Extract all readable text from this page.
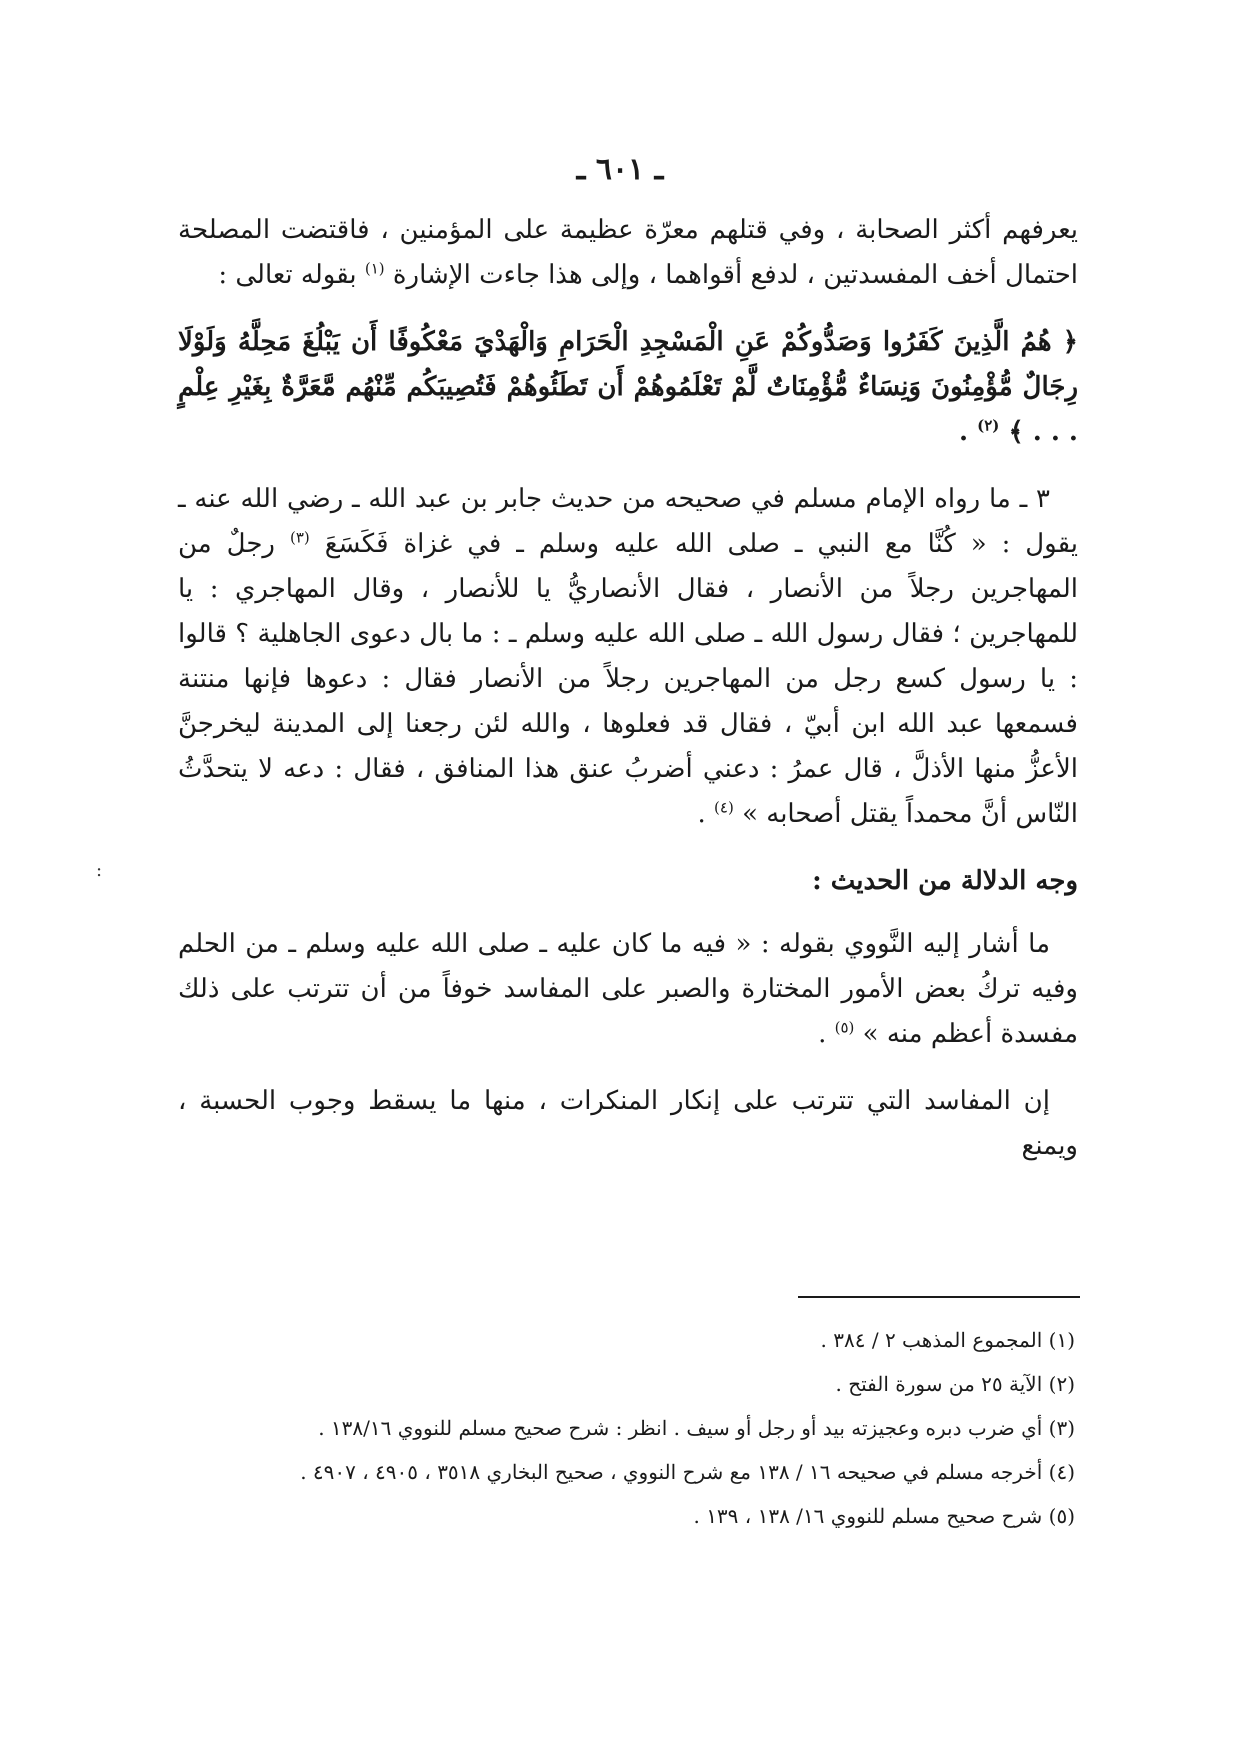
ـ ٦٠١ ـ

يعرفهم أكثر الصحابة ، وفي قتلهم معرّة عظيمة على المؤمنين ، فاقتضت المصلحة احتمال أخف المفسدتين ، لدفع أقواهما ، وإلى هذا جاءت الإشارة $^{(١)}$ بقوله تعالى :

﴿ هُمُ الَّذِينَ كَفَرُوا وَصَدُّوكُمْ عَنِ الْمَسْجِدِ الْحَرَامِ وَالْهَدْيَ مَعْكُوفًا أَن يَبْلُغَ مَحِلَّهُ وَلَوْلَا رِجَالٌ مُّؤْمِنُونَ وَنِسَاءٌ مُّؤْمِنَاتٌ لَّمْ تَعْلَمُوهُمْ أَن تَطَئُوهُمْ فَتُصِيبَكُم مِّنْهُم مَّعَرَّةٌ بِغَيْرِ عِلْمٍ . . . ﴾ $^{(٢)}$ .

٣ ـ ما رواه الإمام مسلم في صحيحه من حديث جابر بن عبد الله ـ رضي الله عنه ـ يقول : « كُنَّا مع النبي ـ صلى الله عليه وسلم ـ في غزاة فَكَسَعَ $^{(٣)}$ رجلٌ من المهاجرين رجلاً من الأنصار ، فقال الأنصاريُّ يا للأنصار ، وقال المهاجري : يا للمهاجرين ؛ فقال رسول الله ـ صلى الله عليه وسلم ـ : ما بال دعوى الجاهلية ؟ قالوا : يا رسول كسع رجل من المهاجرين رجلاً من الأنصار فقال : دعوها فإنها منتنة فسمعها عبد الله ابن أبيّ ، فقال قد فعلوها ، والله لئن رجعنا إلى المدينة ليخرجنَّ الأعزُّ منها الأذلَّ ، قال عمرُ : دعني أضربُ عنق هذا المنافق ، فقال : دعه لا يتحدَّثُ النّاس أنَّ محمداً يقتل أصحابه » $^{(٤)}$ .

وجه الدلالة من الحديث :

ما أشار إليه النَّووي بقوله : « فيه ما كان عليه ـ صلى الله عليه وسلم ـ من الحلم وفيه تركُ بعض الأمور المختارة والصبر على المفاسد خوفاً من أن تترتب على ذلك مفسدة أعظم منه » $^{(٥)}$ .

إن المفاسد التي تترتب على إنكار المنكرات ، منها ما يسقط وجوب الحسبة ، ويمنع

:

(١) المجموع المذهب ٢ / ٣٨٤ .

(٢) الآية ٢٥ من سورة الفتح .

(٣) أي ضرب دبره وعجيزته بيد أو رجل أو سيف . انظر : شرح صحيح مسلم للنووي ١٣٨/١٦ .

(٤) أخرجه مسلم في صحيحه ١٦ / ١٣٨ مع شرح النووي ، صحيح البخاري ٣٥١٨ ، ٤٩٠٥ ، ٤٩٠٧ .

(٥) شرح صحيح مسلم للنووي ١٦/ ١٣٨ ، ١٣٩ .
